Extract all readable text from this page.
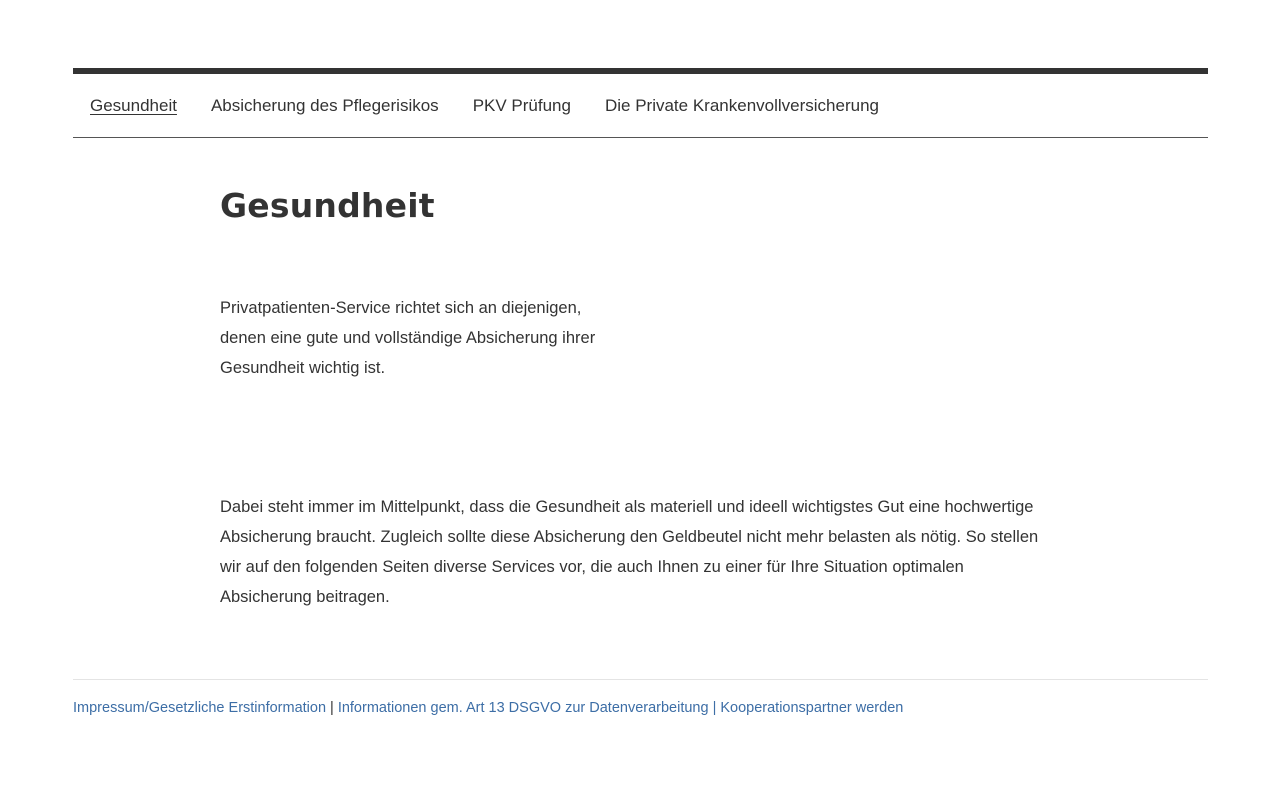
Gesundheit Absicherung des Pflegerisikos PKV Prüfung Die Private Krankenvollversicherung
Gesundheit

Privatpatienten-Service richtet sich an diejenigen, denen eine gute und vollständige Absicherung ihrer Gesundheit wichtig ist.

Dabei steht immer im Mittelpunkt, dass die Gesundheit als materiell und ideell wichtigstes Gut eine hochwertige Absicherung braucht. Zugleich sollte diese Absicherung den Geldbeutel nicht mehr belasten als nötig. So stellen wir auf den folgenden Seiten diverse Services vor, die auch Ihnen zu einer für Ihre Situation optimalen Absicherung beitragen.

Impressum/Gesetzliche Erstinformation | Informationen gem. Art 13 DSGVO zur Datenverarbeitung | Kooperationspartner werden
